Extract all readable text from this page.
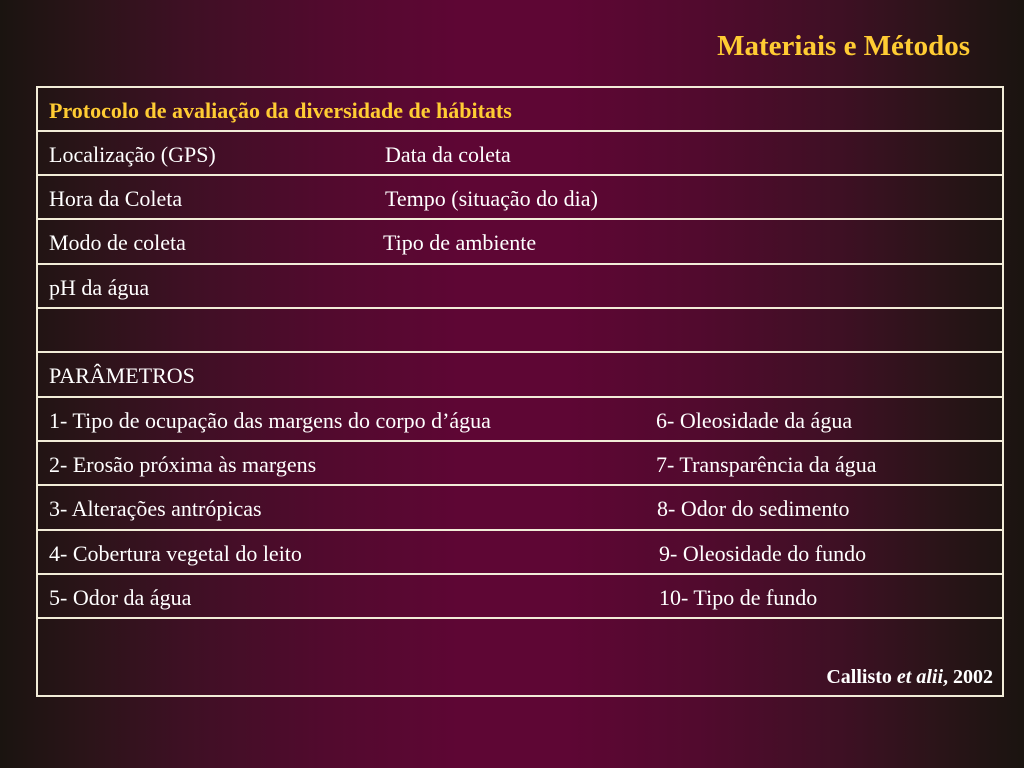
Materiais e Métodos
Protocolo de avaliação da diversidade de hábitats
Localização (GPS)	Data da coleta
Hora da Coleta	Tempo (situação do dia)
Modo de coleta	Tipo de ambiente
pH da água
PARÂMETROS
1- Tipo de ocupação das margens do corpo d’água	6- Oleosidade da água
2- Erosão próxima às margens	7- Transparência da água
3- Alterações antrópicas	8- Odor do sedimento
4- Cobertura vegetal do leito	9- Oleosidade do fundo
5- Odor da água	10- Tipo de fundo
Callisto et alii, 2002
